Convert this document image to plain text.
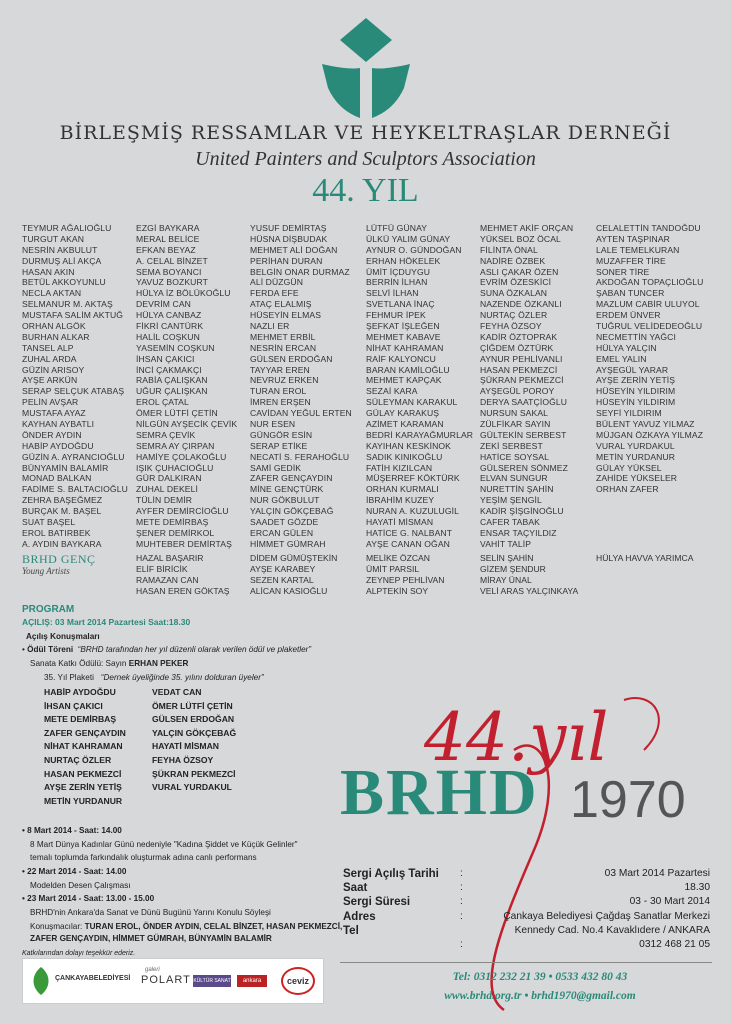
BİRLEŞMİŞ RESSAMLAR VE HEYKELTRAŞLAR DERNEĞİ
United Painters and Sculptors Association
44. YIL
TEYMUR AĞALIOĞLU
TURGUT AKAN
NESRİN AKBULUT
DURMUŞ ALİ AKÇA
HASAN AKIN
BETÜL AKKOYUNLU
NECLA AKTAN
SELMANUR M. AKTAŞ
MUSTAFA SALİM AKTUĞ
ORHAN ALGÖK
BURHAN ALKAR
TANSEL ALP
ZUHAL ARDA
GÜZİN ARISOY
AYŞE ARKÜN
SERAP SELÇUK ATABAŞ
PELİN AVŞAR
MUSTAFA AYAZ
KAYHAN AYBATLI
ÖNDER AYDIN
HABİP AYDOĞDU
GÜZİN A. AYRANCIOĞLU
BÜNYAMİN BALAMİR
MONAD BALKAN
FADİME S. BALTACIOĞLU
ZEHRA BAŞEĞMEZ
BURÇAK M. BAŞEL
SUAT BAŞEL
EROL BATIRBEK
A. AYDIN BAYKARA
EZGİ BAYKARA
MERAL BELİCE
EFKAN BEYAZ
A. CELAL BİNZET
SEMA BOYANCI
YAVUZ BOZKURT
HÜLYA İZ BÖLÜKOĞLU
DEVRİM CAN
HÜLYA CANBAZ
FİKRİ CANTÜRK
HALİL COŞKUN
YASEMİN COŞKUN
İHSAN ÇAKICI
İNCİ ÇAKMAKÇI
RABİA ÇALIŞKAN
UĞUR ÇALIŞKAN
EROL ÇATAL
ÖMER LÜTFİ ÇETİN
NİLGÜN AYŞECİK ÇEVİK
SEMRA ÇEVİK
SEMRA AY ÇIRPAN
HAMİYE ÇOLAKOĞLU
IŞIK ÇUHACIOĞLU
GÜR DALKIRAN
ZUHAL DEKELİ
TÜLİN DEMİR
AYFER DEMİRCİOĞLU
METE DEMİRBAŞ
ŞENER DEMİRKOL
MUHTEBER DEMİRTAŞ
YUSUF DEMİRTAŞ
HÜSNA DİŞBUDAK
MEHMET ALİ DOĞAN
PERİHAN DURAN
BELGİN ONAR DURMAZ
ALİ DÜZGÜN
FERDA EFE
ATAÇ ELALMIŞ
HÜSEYİN ELMAS
NAZLI ER
MEHMET ERBİL
NESRİN ERCAN
GÜLSEN ERDOĞAN
TAYYAR EREN
NEVRUZ ERKEN
TURAN EROL
İMREN ERŞEN
CAVİDAN YEĞUL ERTEN
NUR ESEN
GÜNGÖR ESİN
SERAP ETİKE
NECATİ S. FERAHOĞLU
SAMİ GEDİK
ZAFER GENÇAYDIN
MİNE GENÇTÜRK
NUR GÖKBULUT
YALÇIN GÖKÇEBAĞ
SAADET GÖZDE
ERCAN GÜLEN
HİMMET GÜMRAH
LÜTFÜ GÜNAY
ÜLKÜ YALIM GÜNAY
AYNUR O. GÜNDOĞAN
ERHAN HÖKELEK
ÜMİT İÇDUYGU
BERRİN İLHAN
SELVİ İLHAN
SVETLANA İNAÇ
FEHMUR İPEK
ŞEFKAT İŞLEĞEN
MEHMET KABAVE
NİHAT KAHRAMAN
RAİF KALYONCU
BARAN KAMİLOĞLU
MEHMET KAPÇAK
SEZAİ KARA
SÜLEYMAN KARAKUL
GÜLAY KARAKUŞ
AZİMET KARAMAN
BEDRİ KARAYAĞMURLAR
KAYIHAN KESKİNOK
SADIK KINIKOĞLU
FATİH KIZILCAN
MÜŞERREF KÖKTÜRK
ORHAN KURMALI
İBRAHİM KUZEY
NURAN A. KUZULUGİL
HAYATİ MİSMAN
HATİCE G. NALBANT
AYŞE CANAN OĞAN
MEHMET AKİF ORÇAN
YÜKSEL BOZ ÖCAL
FİLİNTA ÖNAL
NADİRE ÖZBEK
ASLI ÇAKAR ÖZEN
EVRİM ÖZESKİCİ
SUNA ÖZKALAN
NAZENDE ÖZKANLI
NURTAÇ ÖZLER
FEYHA ÖZSOY
KADİR ÖZTOPRAK
ÇİĞDEM ÖZTÜRK
AYNUR PEHLİVANLI
HASAN PEKMEZCİ
ŞÜKRAN PEKMEZCİ
AYŞEGÜL POROY
DERYA SAATÇİOĞLU
NURSUN SAKAL
ZÜLFİKAR SAYIN
GÜLTEKİN SERBEST
ZEKİ SERBEST
HATİCE SOYSAL
GÜLSEREN SÖNMEZ
ELVAN SUNGUR
NURETTİN ŞAHİN
YEŞİM ŞENGİL
KADİR ŞİŞGİNOĞLU
CAFER TABAK
ENSAR TAÇYILDIZ
VAHİT TALİP
CELALETTİN TANDOĞDU
AYTEN TAŞPINAR
LALE TEMELKURAN
MUZAFFER TİRE
SONER TİRE
AKDOĞAN TOPAÇLIOĞLU
ŞABAN TUNCER
MAZLUM CABİR ULUYOL
ERDEM ÜNVER
TUĞRUL VELİDEDEOĞLU
NECMETTİN YAĞCI
HÜLYA YALÇIN
EMEL YALIN
AYŞEGÜL YARAR
AYŞE ZERİN YETİŞ
HÜSEYİN YILDIRIM
HÜSEYİN YILDIRIM
SEYFİ YILDIRIM
BÜLENT YAVUZ YILMAZ
MÜJGAN ÖZKAYA YILMAZ
VURAL YURDAKUL
METİN YURDANUR
GÜLAY YÜKSEL
ZAHİDE YÜKSELER
ORHAN ZAFER
BRHD GENÇ
Young Artists
HAZAL BAŞARIR
ELİF BİRİCİK
RAMAZAN CAN
HASAN EREN GÖKTAŞ
DİDEM GÜMÜŞTEKİN
AYŞE KARABEY
SEZEN KARTAL
ALİCAN KASIOĞLU
MELİKE ÖZCAN
ÜMİT PARSIL
ZEYNEP PEHLİVAN
ALPTEKİN SOY
SELİN ŞAHİN
GİZEM ŞENDUR
MİRAY ÜNAL
VELİ ARAS YALÇINKAYA
HÜLYA HAVVA YARIMCA
PROGRAM
AÇILIŞ: 03 Mart 2014 Pazartesi Saat:18.30
Açılış Konuşmaları
• Ödül Töreni “BRHD tarafından her yıl düzenli olarak verilen ödül ve plaketler”
Sanata Katkı Ödülü: Sayın ERHAN PEKER
35. Yıl Plaketi “Dernek üyeliğinde 35. yılını dolduran üyeler”
HABİP AYDOĞDU
İHSAN ÇAKICI
METE DEMİRBAŞ
ZAFER GENÇAYDIN
NİHAT KAHRAMAN
NURTAÇ ÖZLER
HASAN PEKMEZCİ
AYŞE ZERİN YETİŞ
METİN YURDANUR
VEDAT CAN
ÖMER LÜTFİ ÇETİN
GÜLSEN ERDOĞAN
YALÇIN GÖKÇEBAĞ
HAYATİ MİSMAN
FEYHA ÖZSOY
ŞÜKRAN PEKMEZCİ
VURAL YURDAKUL
• 8 Mart 2014 - Saat: 14.00
8 Mart Dünya Kadınlar Günü nedeniyle "Kadına Şiddet ve Küçük Gelinler"
temalı toplumda farkındalık oluşturmak adına canlı performans
• 22 Mart 2014 - Saat: 14.00
Modelden Desen Çalışması
• 23 Mart 2014 - Saat: 13.00 - 15.00
BRHD'nin Ankara'da Sanat ve Dünü Bugünü Yarını Konulu Söyleşi
Konuşmacılar: TURAN EROL, ÖNDER AYDIN, CELAL BİNZET, HASAN PEKMEZCİ,
ZAFER GENÇAYDIN, HİMMET GÜMRAH, BÜNYAMİN BALAMİR
Katkılarından dolayı teşekkür ederiz.
ÇANKAYABELEDİYESİ
galeri
POLART KÜLTÜR SANAT	ankara	ceviz
BRHD 1970
44.yıl
Sergi Açılış Tarihi
Saat
Sergi Süresi
Adres
Tel
:
:
:
:

:
03 Mart 2014 Pazartesi
18.30
03 - 30 Mart 2014
Çankaya Belediyesi Çağdaş Sanatlar Merkezi
Kennedy Cad. No.4 Kavaklıdere / ANKARA
0312 468 21 05
Tel: 0312 232 21 39 • 0533 432 80 43
www.brhd.org.tr • brhd1970@gmail.com
